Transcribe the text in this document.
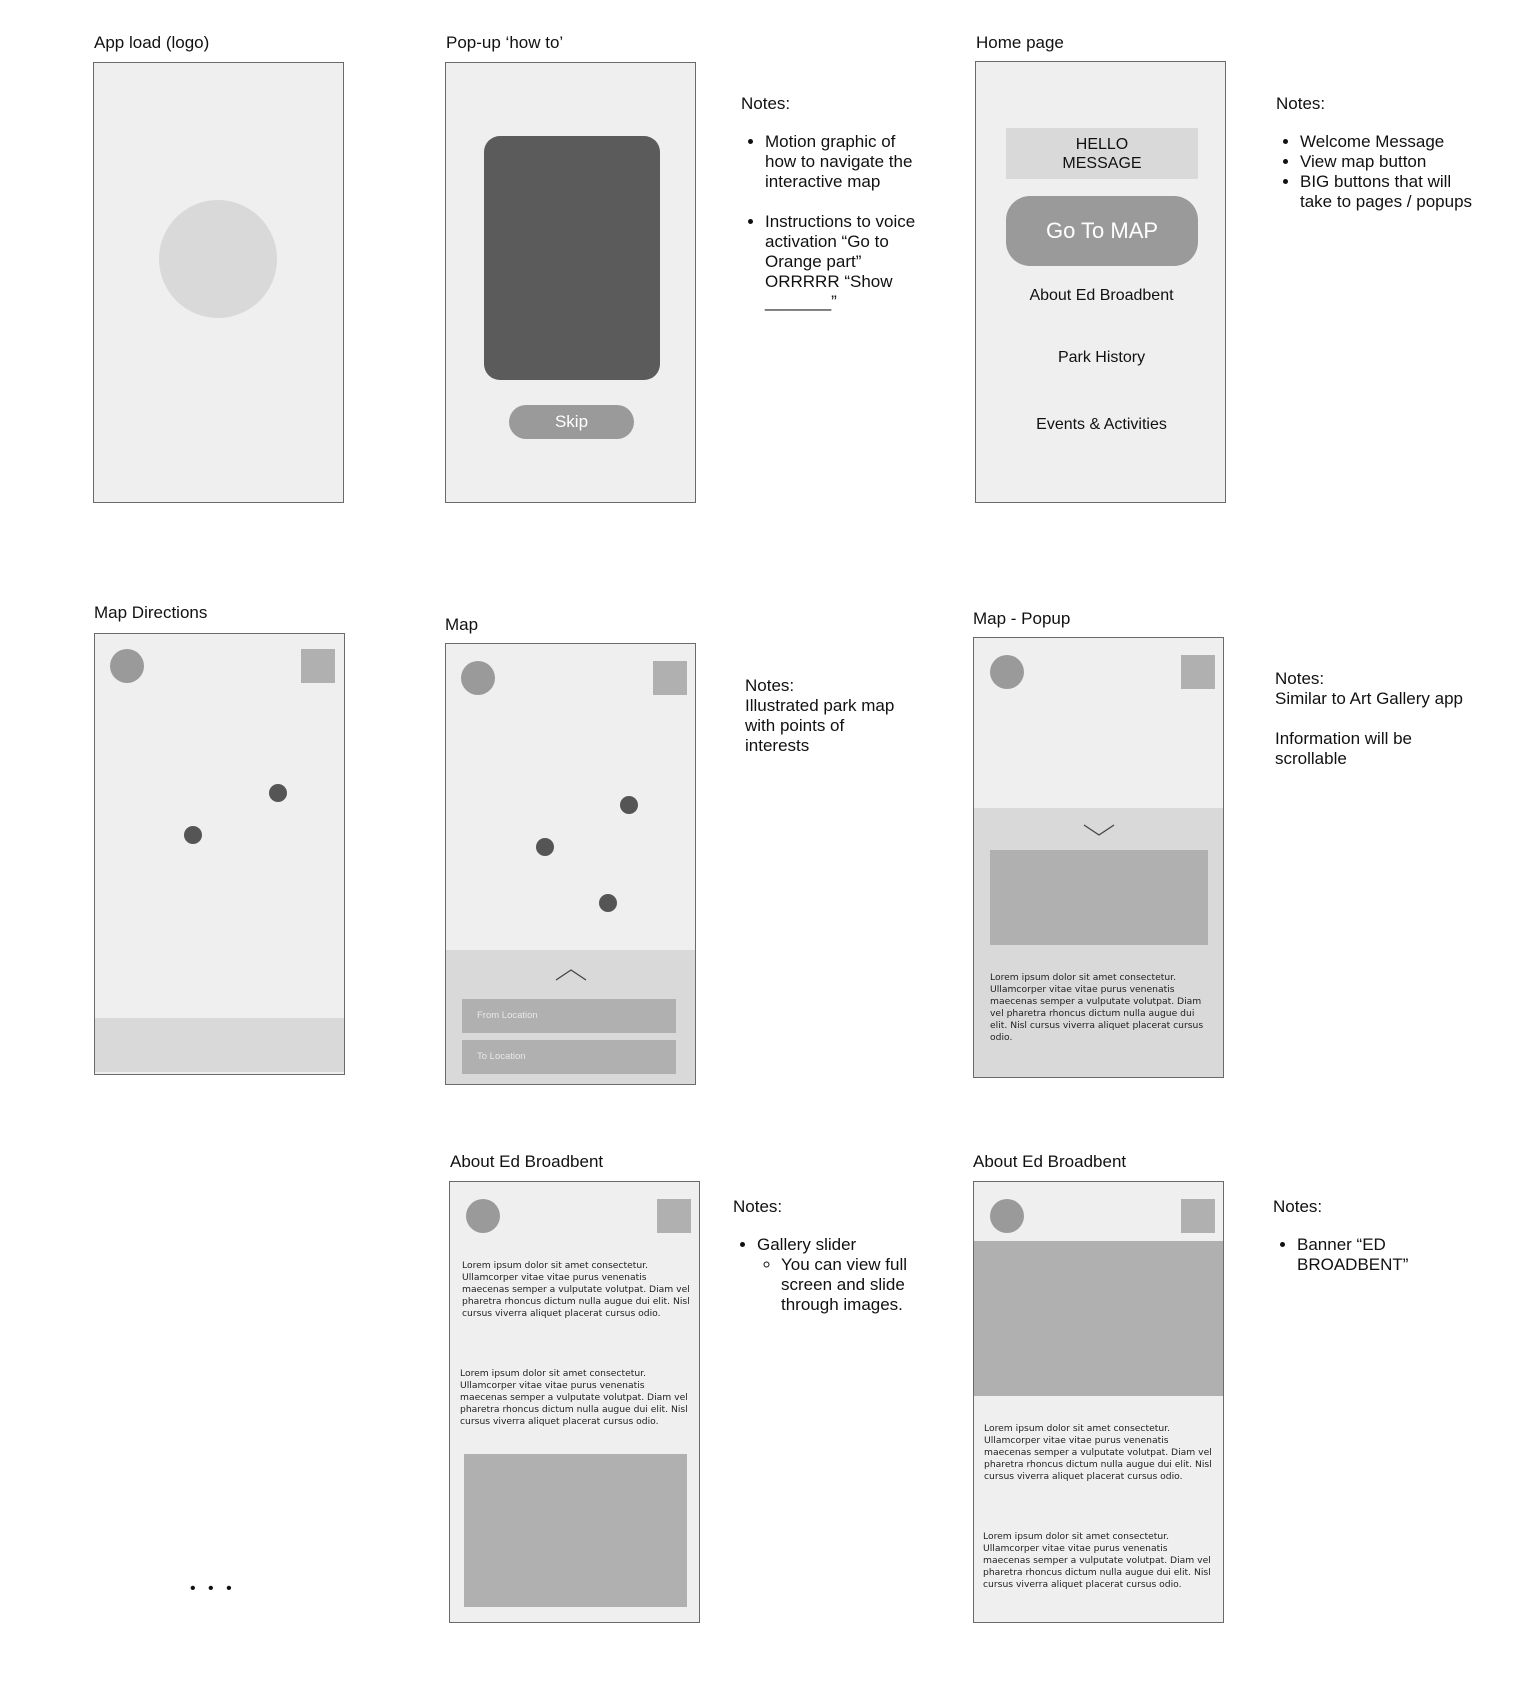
App load (logo)	Pop-up ‘how to’
Skip
Notes:
• Motion graphic of how to navigate the interactive map
• Instructions to voice activation “Go to Orange part” ORRRRR “Show _______”
Home page
HELLO
MESSAGE
Go To MAP
About Ed Broadbent
Park History
Events & Activities
Notes:
• Welcome Message
• View map button
• BIG buttons that will take to pages / popups
Map Directions
Map
From Location
To Location
Notes:
Illustrated park map with points of interests
Map - Popup
Lorem ipsum dolor sit amet consectetur. Ullamcorper vitae vitae purus venenatis maecenas semper a vulputate volutpat. Diam vel pharetra rhoncus dictum nulla augue dui elit. Nisl cursus viverra aliquet placerat cursus odio.
Notes:
Similar to Art Gallery app
Information will be scrollable
• • •
About Ed Broadbent
Lorem ipsum dolor sit amet consectetur. Ullamcorper vitae vitae purus venenatis maecenas semper a vulputate volutpat. Diam vel pharetra rhoncus dictum nulla augue dui elit. Nisl cursus viverra aliquet placerat cursus odio.
Lorem ipsum dolor sit amet consectetur. Ullamcorper vitae vitae purus venenatis maecenas semper a vulputate volutpat. Diam vel pharetra rhoncus dictum nulla augue dui elit. Nisl cursus viverra aliquet placerat cursus odio.
Notes:
• Gallery slider
◦ You can view full screen and slide through images.
About Ed Broadbent
Lorem ipsum dolor sit amet consectetur. Ullamcorper vitae vitae purus venenatis maecenas semper a vulputate volutpat. Diam vel pharetra rhoncus dictum nulla augue dui elit. Nisl cursus viverra aliquet placerat cursus odio.
Lorem ipsum dolor sit amet consectetur. Ullamcorper vitae vitae purus venenatis maecenas semper a vulputate volutpat. Diam vel pharetra rhoncus dictum nulla augue dui elit. Nisl cursus viverra aliquet placerat cursus odio.
Notes:
• Banner “ED BROADBENT”
